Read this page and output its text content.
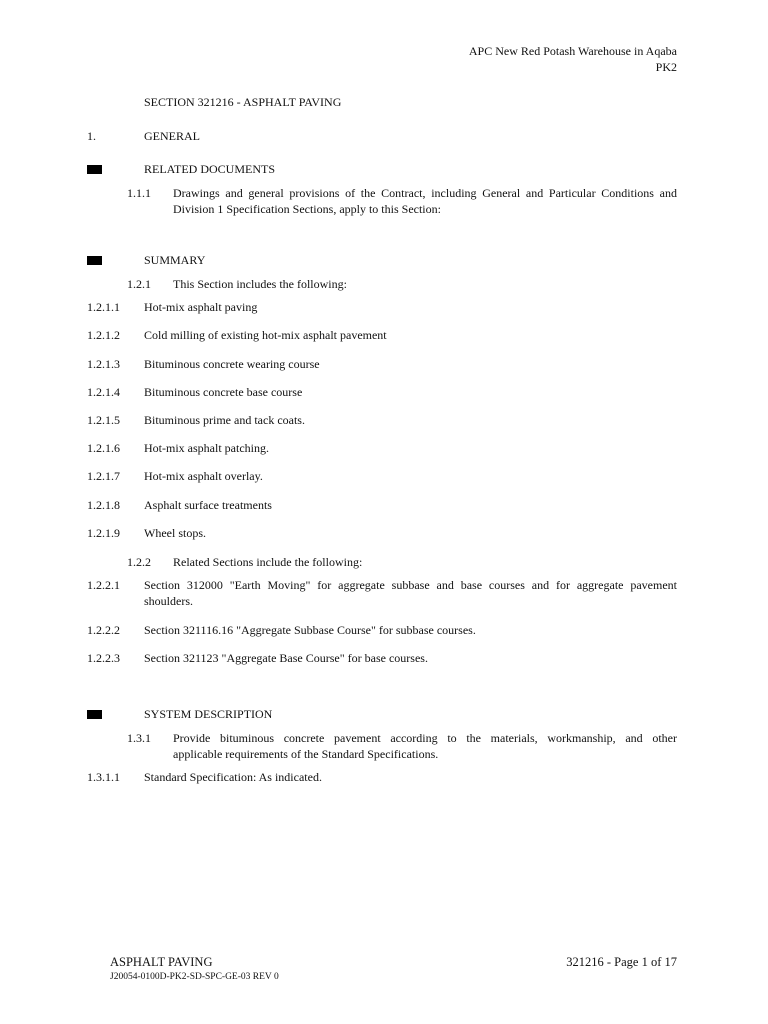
APC New Red Potash Warehouse in Aqaba
PK2
SECTION 321216 - ASPHALT PAVING
1.	GENERAL
RELATED DOCUMENTS
1.1.1 Drawings and general provisions of the Contract, including General and Particular Conditions and
Division 1 Specification Sections, apply to this Section:
SUMMARY
1.2.1 This Section includes the following:
1.2.1.1 Hot-mix asphalt paving
1.2.1.2 Cold milling of existing hot-mix asphalt pavement
1.2.1.3 Bituminous concrete wearing course
1.2.1.4 Bituminous concrete base course
1.2.1.5 Bituminous prime and tack coats.
1.2.1.6 Hot-mix asphalt patching.
1.2.1.7 Hot-mix asphalt overlay.
1.2.1.8 Asphalt surface treatments
1.2.1.9 Wheel stops.
1.2.2 Related Sections include the following:
1.2.2.1 Section 312000 "Earth Moving" for aggregate subbase and base courses and for aggregate pavement
shoulders.
1.2.2.2 Section 321116.16 "Aggregate Subbase Course" for subbase courses.
1.2.2.3 Section 321123 "Aggregate Base Course" for base courses.
SYSTEM DESCRIPTION
1.3.1 Provide bituminous concrete pavement according to the materials, workmanship, and other
applicable requirements of the Standard Specifications.
1.3.1.1 Standard Specification: As indicated.
ASPHALT PAVING
J20054-0100D-PK2-SD-SPC-GE-03 REV 0
321216 - Page 1 of 17
